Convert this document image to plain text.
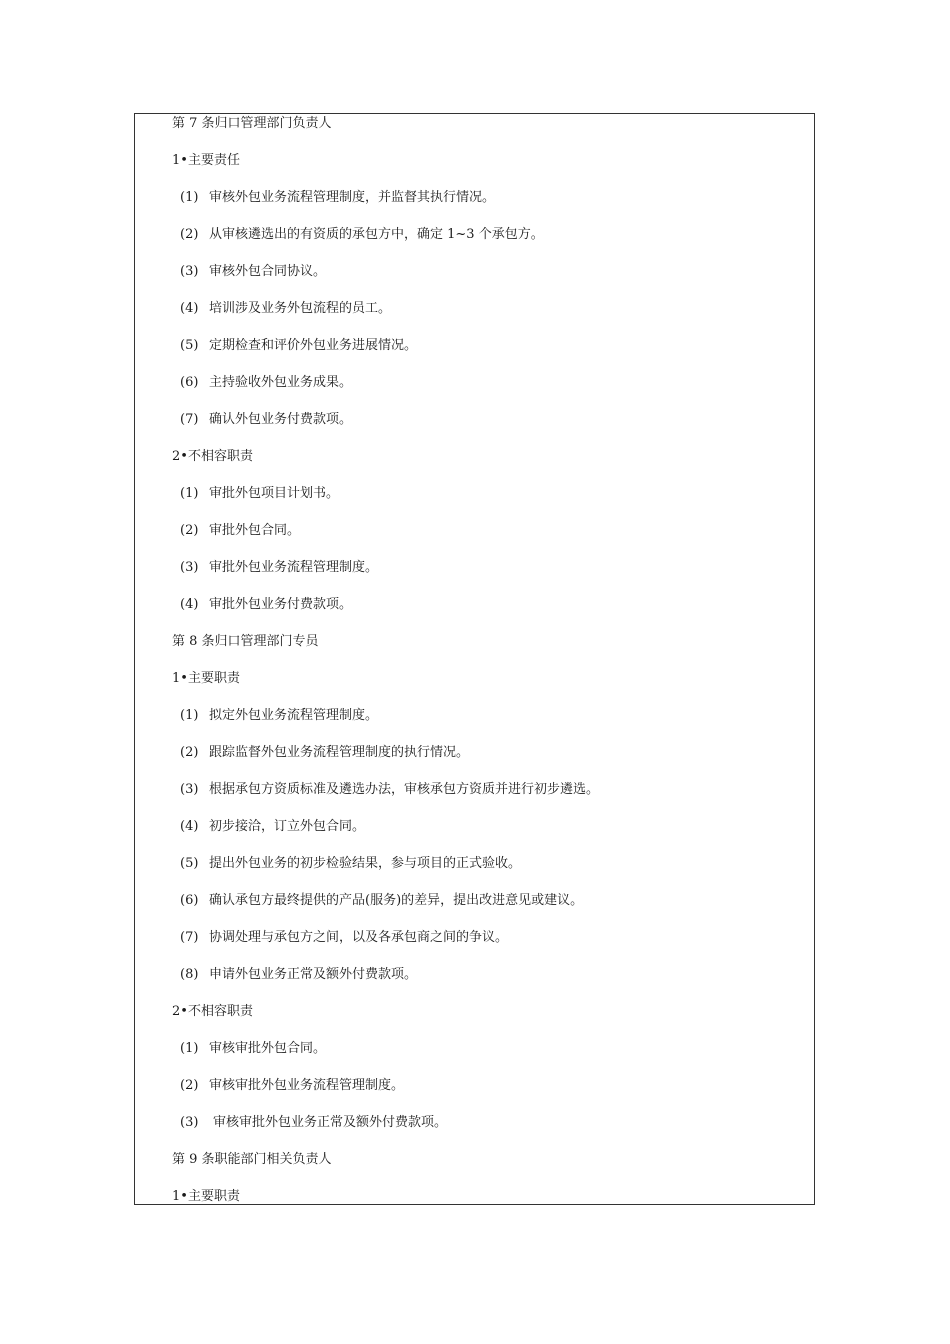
第 7 条归口管理部门负责人
1•主要责任
(1) 审核外包业务流程管理制度，并监督其执行情况。
(2) 从审核遴选出的有资质的承包方中，确定 1~3 个承包方。
(3) 审核外包合同协议。
(4) 培训涉及业务外包流程的员工。
(5) 定期检查和评价外包业务进展情况。
(6) 主持验收外包业务成果。
(7) 确认外包业务付费款项。
2•不相容职责
(1) 审批外包项目计划书。
(2) 审批外包合同。
(3) 审批外包业务流程管理制度。
(4) 审批外包业务付费款项。
第 8 条归口管理部门专员
1•主要职责
(1) 拟定外包业务流程管理制度。
(2) 跟踪监督外包业务流程管理制度的执行情况。
(3) 根据承包方资质标准及遴选办法，审核承包方资质并进行初步遴选。
(4) 初步接洽，订立外包合同。
(5) 提出外包业务的初步检验结果，参与项目的正式验收。
(6) 确认承包方最终提供的产品(服务)的差异，提出改进意见或建议。
(7) 协调处理与承包方之间，以及各承包商之间的争议。
(8) 申请外包业务正常及额外付费款项。
2•不相容职责
(1) 审核审批外包合同。
(2) 审核审批外包业务流程管理制度。
(3) 审核审批外包业务正常及额外付费款项。
第 9 条职能部门相关负责人
1•主要职责
